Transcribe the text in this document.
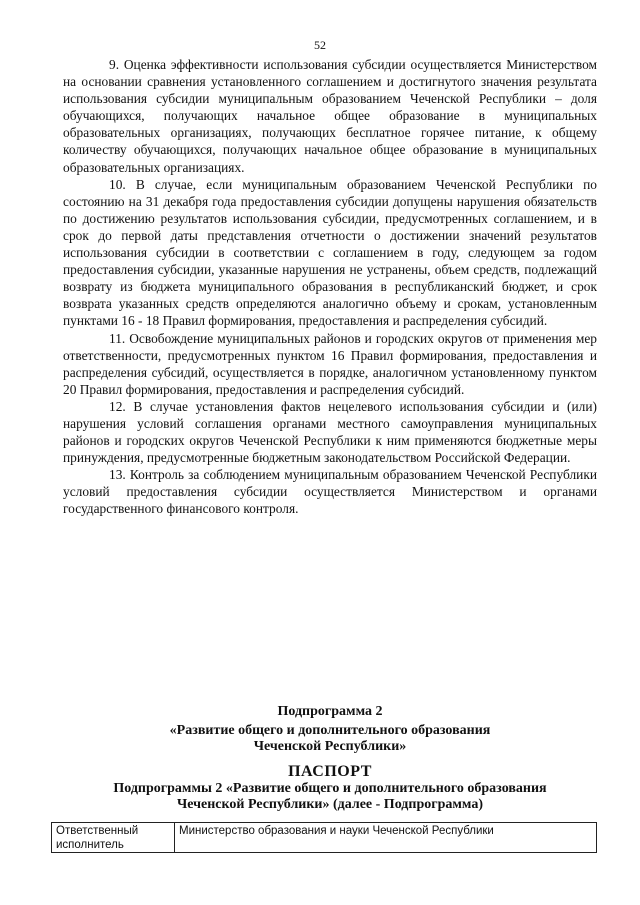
52

9. Оценка эффективности использования субсидии осуществляется Министерством на основании сравнения установленного соглашением и достигнутого значения результата использования субсидии муниципальным образованием Чеченской Республики – доля обучающихся, получающих начальное общее образование в муниципальных образовательных организациях, получающих бесплатное горячее питание, к общему количеству обучающихся, получающих начальное общее образование в муниципальных образовательных организациях.

10. В случае, если муниципальным образованием Чеченской Республики по состоянию на 31 декабря года предоставления субсидии допущены нарушения обязательств по достижению результатов использования субсидии, предусмотренных соглашением, и в срок до первой даты представления отчетности о достижении значений результатов использования субсидии в соответствии с соглашением в году, следующем за годом предоставления субсидии, указанные нарушения не устранены, объем средств, подлежащий возврату из бюджета муниципального образования в республиканский бюджет, и срок возврата указанных средств определяются аналогично объему и срокам, установленным пунктами 16 - 18 Правил формирования, предоставления и распределения субсидий.

11. Освобождение муниципальных районов и городских округов от применения мер ответственности, предусмотренных пунктом 16 Правил формирования, предоставления и распределения субсидий, осуществляется в порядке, аналогичном установленному пунктом 20 Правил формирования, предоставления и распределения субсидий.

12. В случае установления фактов нецелевого использования субсидии и (или) нарушения условий соглашения органами местного самоуправления муниципальных районов и городских округов Чеченской Республики к ним применяются бюджетные меры принуждения, предусмотренные бюджетным законодательством Российской Федерации.

13. Контроль за соблюдением муниципальным образованием Чеченской Республики условий предоставления субсидии осуществляется Министерством и органами государственного финансового контроля.

Подпрограмма 2
«Развитие общего и дополнительного образования
Чеченской Республики»
ПАСПОРТ
Подпрограммы 2 «Развитие общего и дополнительного образования
Чеченской Республики» (далее - Подпрограмма)
Ответственный исполнитель	Министерство образования и науки Чеченской Республики
